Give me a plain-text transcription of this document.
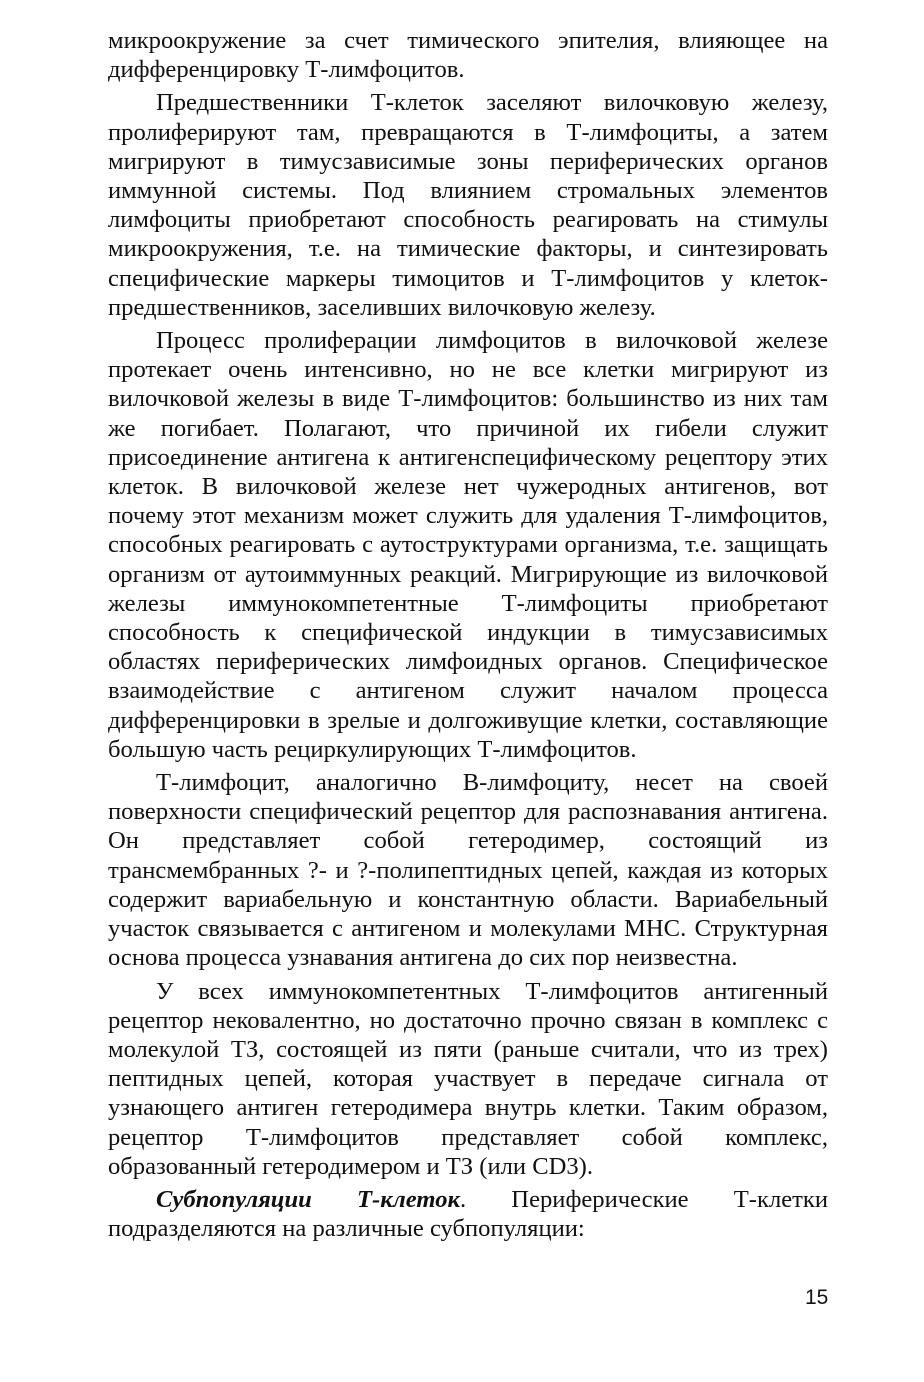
микроокружение за счет тимического эпителия, влияющее на дифференцировку Т-лимфоцитов.

Предшественники Т-клеток заселяют вилочковую железу, пролиферируют там, превращаются в Т-лимфоциты, а затем мигрируют в тимусзависимые зоны периферических органов иммунной системы. Под влиянием стромальных элементов лимфоциты приобретают способность реагировать на стимулы микроокружения, т.е. на тимические факторы, и синтезировать специфические маркеры тимоцитов и Т-лимфоцитов у клеток-предшественников, заселивших вилочковую железу.

Процесс пролиферации лимфоцитов в вилочковой железе протекает очень интенсивно, но не все клетки мигрируют из вилочковой железы в виде Т-лимфоцитов: большинство из них там же погибает. Полагают, что причиной их гибели служит присоединение антигена к антигенспецифическому рецептору этих клеток. В вилочковой железе нет чужеродных антигенов, вот почему этот механизм может служить для удаления Т-лимфоцитов, способных реагировать с аутоструктурами организма, т.е. защищать организм от аутоиммунных реакций. Мигрирующие из вилочковой железы иммунокомпетентные Т-лимфоциты приобретают способность к специфической индукции в тимусзависимых областях периферических лимфоидных органов. Специфическое взаимодействие с антигеном служит началом процесса дифференцировки в зрелые и долгоживущие клетки, составляющие большую часть рециркулирующих Т-лимфоцитов.

Т-лимфоцит, аналогично В-лимфоциту, несет на своей поверхности специфический рецептор для распознавания антигена. Он представляет собой гетеродимер, состоящий из трансмембранных ?- и ?-полипептидных цепей, каждая из которых содержит вариабельную и константную области. Вариабельный участок связывается с антигеном и молекулами МНС. Структурная основа процесса узнавания антигена до сих пор неизвестна.

У всех иммунокомпетентных Т-лимфоцитов антигенный рецептор нековалентно, но достаточно прочно связан в комплекс с молекулой ТЗ, состоящей из пяти (раньше считали, что из трех) пептидных цепей, которая участвует в передаче сигнала от узнающего антиген гетеродимера внутрь клетки. Таким образом, рецептор Т-лимфоцитов представляет собой комплекс, образованный гетеродимером и ТЗ (или CD3).

Субпопуляции Т-клеток. Периферические Т-клетки подразделяются на различные субпопуляции:

15
